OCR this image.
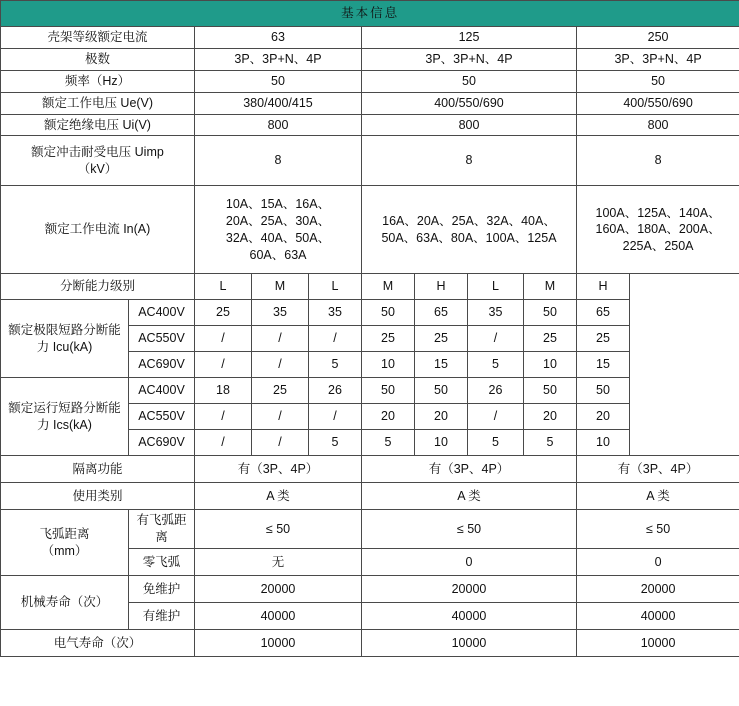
基本信息									
壳架等级额定电流		63			125				250
极数		3P、3P+N、4P			3P、3P+N、4P				3P、3P+N、4P
频率（Hz）		50			50				50
额定工作电压 Ue(V)		380/400/415			400/550/690				400/550/690
额定绝缘电压 Ui(V)		800			800				800
额定冲击耐受电压 Uimp（kV）		8			8				8
额定工作电流 In(A)		10A、15A、16A、20A、25A、30A、32A、40A、50A、60A、63A			16A、20A、25A、32A、40A、50A、63A、80A、100A、125A				100A、125A、140A、160A、180A、200A、225A、250A
分断能力级别		L	M	L	M	H	L	M	H
额定极限短路分断能力 Icu(kA)	AC400V	25	35	35	50	65	35	50	65
	AC550V	/	/	/	25	25	/	25	25
	AC690V	/	/	5	10	15	5	10	15
额定运行短路分断能力 Ics(kA)	AC400V	18	25	26	50	50	26	50	50
	AC550V	/	/	/	20	20	/	20	20
	AC690V	/	/	5	5	10	5	5	10
隔离功能		有（3P、4P）			有（3P、4P）				有（3P、4P）
使用类别		A 类			A 类				A 类
飞弧距离（mm）	有飞弧距离	≤ 50			≤ 50				≤ 50
	零飞弧	无			0				0
机械寿命（次）	免维护	20000			20000				20000
	有维护	40000			40000				40000
电气寿命（次）		10000			10000				10000
